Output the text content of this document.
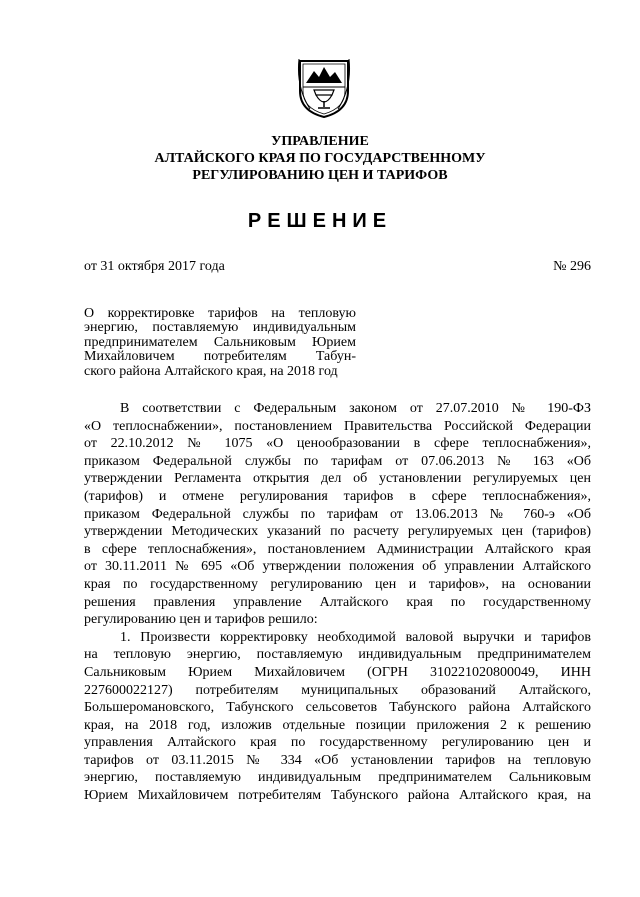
УПРАВЛЕНИЕ
АЛТАЙСКОГО КРАЯ ПО ГОСУДАРСТВЕННОМУ
РЕГУЛИРОВАНИЮ ЦЕН И ТАРИФОВ
РЕШЕНИЕ
от 31 октября 2017 года	№ 296
О корректировке тарифов на тепловую
энергию, поставляемую индивидуальным
предпринимателем Сальниковым Юрием
Михайловичем потребителям Табун-
ского района Алтайского края, на 2018 год
В соответствии с Федеральным законом от 27.07.2010 № 190-ФЗ
«О теплоснабжении», постановлением Правительства Российской Федерации
от 22.10.2012 № 1075 «О ценообразовании в сфере теплоснабжения»,
приказом Федеральной службы по тарифам от 07.06.2013 № 163 «Об
утверждении Регламента открытия дел об установлении регулируемых цен
(тарифов) и отмене регулирования тарифов в сфере теплоснабжения»,
приказом Федеральной службы по тарифам от 13.06.2013 № 760-э «Об
утверждении Методических указаний по расчету регулируемых цен (тарифов)
в сфере теплоснабжения», постановлением Администрации Алтайского края
от 30.11.2011 № 695 «Об утверждении положения об управлении Алтайского
края по государственному регулированию цен и тарифов», на основании
решения правления управление Алтайского края по государственному
регулированию цен и тарифов решило:
1. Произвести корректировку необходимой валовой выручки и тарифов
на тепловую энергию, поставляемую индивидуальным предпринимателем
Сальниковым Юрием Михайловичем (ОГРН 310221020800049, ИНН
227600022127) потребителям муниципальных образований Алтайского,
Большеромановского, Табунского сельсоветов Табунского района Алтайского
края, на 2018 год, изложив отдельные позиции приложения 2 к решению
управления Алтайского края по государственному регулированию цен и
тарифов от 03.11.2015 № 334 «Об установлении тарифов на тепловую
энергию, поставляемую индивидуальным предпринимателем Сальниковым
Юрием Михайловичем потребителям Табунского района Алтайского края, на
